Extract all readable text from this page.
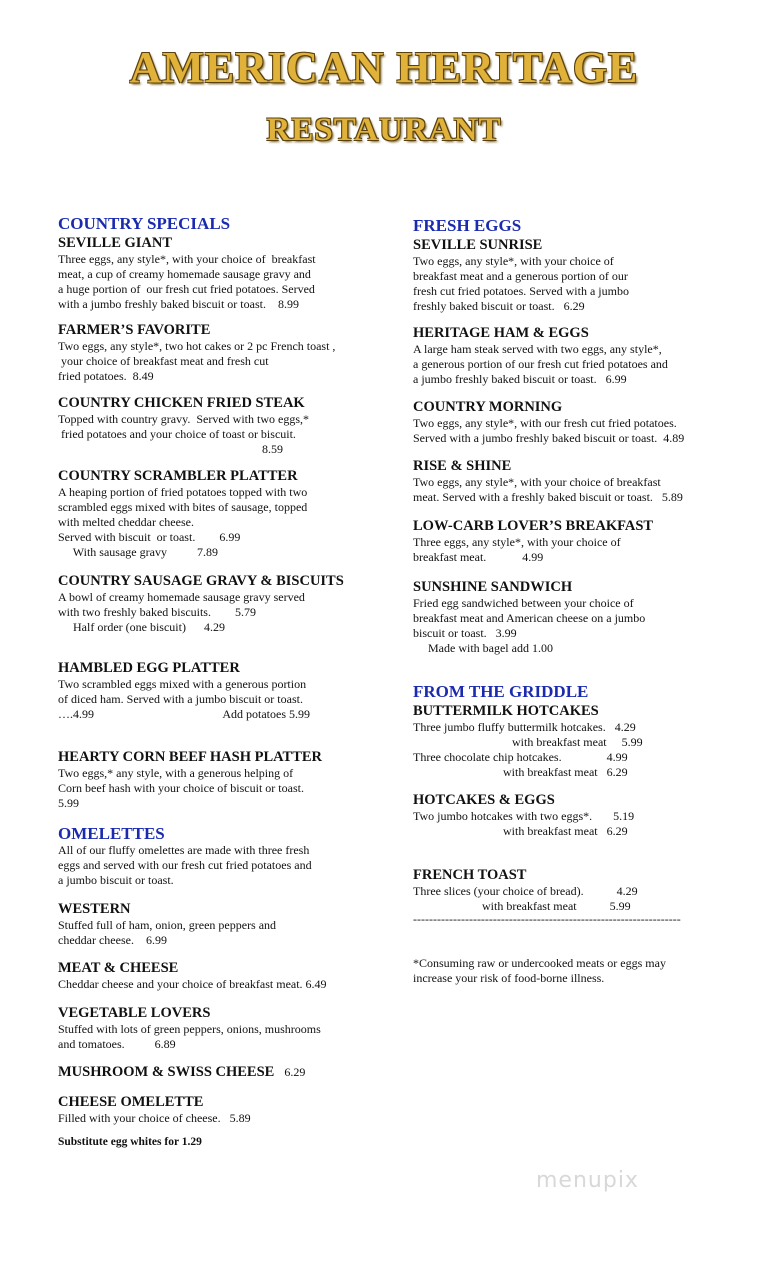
AMERICAN HERITAGE
RESTAURANT
COUNTRY SPECIALS
SEVILLE GIANT
Three eggs, any style*, with your choice of  breakfast
meat, a cup of creamy homemade sausage gravy and
a huge portion of  our fresh cut fried potatoes. Served
with a jumbo freshly baked biscuit or toast.    8.99
FARMER’S FAVORITE
Two eggs, any style*, two hot cakes or 2 pc French toast ,
your choice of breakfast meat and fresh cut
fried potatoes.  8.49
COUNTRY CHICKEN FRIED STEAK
Topped with country gravy.  Served with two eggs,*
fried potatoes and your choice of toast or biscuit.
8.59
COUNTRY SCRAMBLER PLATTER
A heaping portion of fried potatoes topped with two
scrambled eggs mixed with bites of sausage, topped
with melted cheddar cheese.
Served with biscuit  or toast.        6.99
With sausage gravy          7.89
COUNTRY SAUSAGE GRAVY & BISCUITS
A bowl of creamy homemade sausage gravy served
with two freshly baked biscuits.        5.79
Half order (one biscuit)      4.29
HAMBLED EGG PLATTER
Two scrambled eggs mixed with a generous portion
of diced ham. Served with a jumbo biscuit or toast.
….4.99                                           Add potatoes 5.99
HEARTY CORN BEEF HASH PLATTER
Two eggs,* any style, with a generous helping of
Corn beef hash with your choice of biscuit or toast.
5.99
OMELETTES
All of our fluffy omelettes are made with three fresh
eggs and served with our fresh cut fried potatoes and
a jumbo biscuit or toast.
WESTERN
Stuffed full of ham, onion, green peppers and
cheddar cheese.    6.99
MEAT & CHEESE
Cheddar cheese and your choice of breakfast meat. 6.49
VEGETABLE LOVERS
Stuffed with lots of green peppers, onions, mushrooms
and tomatoes.          6.89
MUSHROOM & SWISS CHEESE 6.29
CHEESE OMELETTE
Filled with your choice of cheese.   5.89
Substitute egg whites for 1.29
FRESH EGGS
SEVILLE SUNRISE
Two eggs, any style*, with your choice of
breakfast meat and a generous portion of our
fresh cut fried potatoes. Served with a jumbo
freshly baked biscuit or toast.   6.29
HERITAGE HAM & EGGS
A large ham steak served with two eggs, any style*,
a generous portion of our fresh cut fried potatoes and
a jumbo freshly baked biscuit or toast.   6.99
COUNTRY MORNING
Two eggs, any style*, with our fresh cut fried potatoes.
Served with a jumbo freshly baked biscuit or toast.  4.89
RISE & SHINE
Two eggs, any style*, with your choice of breakfast
meat. Served with a freshly baked biscuit or toast.   5.89
LOW-CARB LOVER’S BREAKFAST
Three eggs, any style*, with your choice of
breakfast meat.            4.99
SUNSHINE SANDWICH
Fried egg sandwiched between your choice of
breakfast meat and American cheese on a jumbo
biscuit or toast.   3.99
Made with bagel add 1.00
FROM THE GRIDDLE
BUTTERMILK HOTCAKES
Three jumbo fluffy buttermilk hotcakes.   4.29
with breakfast meat     5.99
Three chocolate chip hotcakes.               4.99
with breakfast meat   6.29
HOTCAKES & EGGS
Two jumbo hotcakes with two eggs*.       5.19
with breakfast meat   6.29
FRENCH TOAST
Three slices (your choice of bread).           4.29
with breakfast meat           5.99
-------------------------------------------------------------------
*Consuming raw or undercooked meats or eggs may
increase your risk of food-borne illness.
menupix
